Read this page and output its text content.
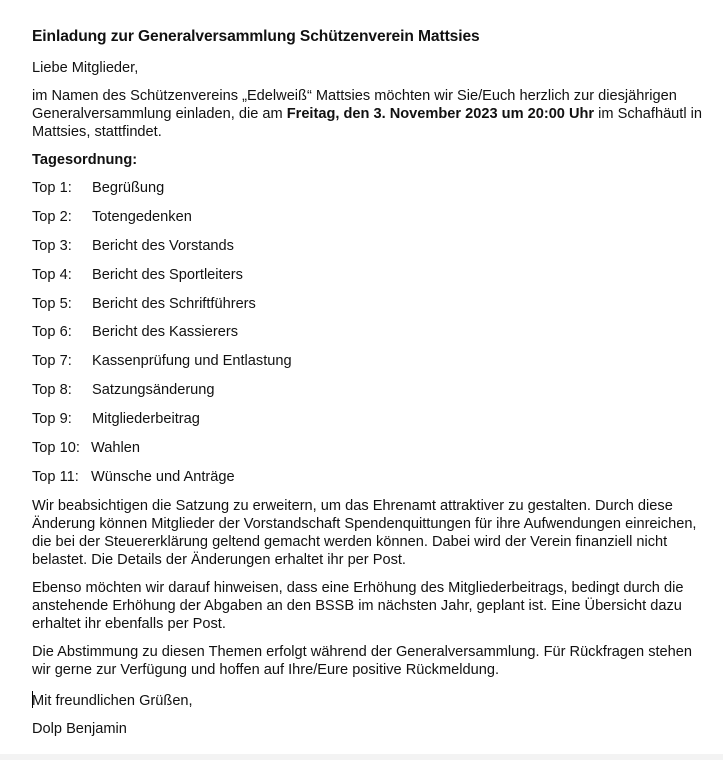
Einladung zur Generalversammlung Schützenverein Mattsies

Liebe Mitglieder,

im Namen des Schützenvereins „Edelweiß“ Mattsies möchten wir Sie/Euch herzlich zur diesjährigen Generalversammlung einladen, die am Freitag, den 3. November 2023 um 20:00 Uhr im Schafhäutl in Mattsies, stattfindet.

Tagesordnung:

Top 1:	Begrüßung
Top 2:	Totengedenken
Top 3:	Bericht des Vorstands
Top 4:	Bericht des Sportleiters
Top 5:	Bericht des Schriftführers
Top 6:	Bericht des Kassierers
Top 7:	Kassenprüfung und Entlastung
Top 8:	Satzungsänderung
Top 9:	Mitgliederbeitrag
Top 10: Wahlen
Top 11: Wünsche und Anträge

Wir beabsichtigen die Satzung zu erweitern, um das Ehrenamt attraktiver zu gestalten. Durch diese Änderung können Mitglieder der Vorstandschaft Spendenquittungen für ihre Aufwendungen einreichen, die bei der Steuererklärung geltend gemacht werden können. Dabei wird der Verein finanziell nicht belastet. Die Details der Änderungen erhaltet ihr per Post.

Ebenso möchten wir darauf hinweisen, dass eine Erhöhung des Mitgliederbeitrags, bedingt durch die anstehende Erhöhung der Abgaben an den BSSB im nächsten Jahr, geplant ist. Eine Übersicht dazu erhaltet ihr ebenfalls per Post.

Die Abstimmung zu diesen Themen erfolgt während der Generalversammlung. Für Rückfragen stehen wir gerne zur Verfügung und hoffen auf Ihre/Eure positive Rückmeldung.

Mit freundlichen Grüßen,

Dolp Benjamin
